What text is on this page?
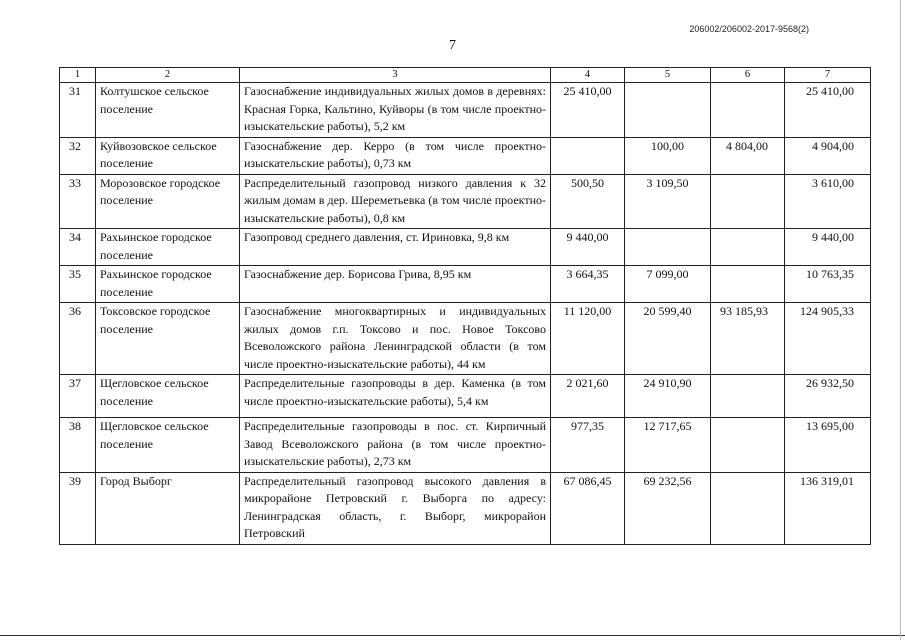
206002/206002-2017-9568(2)
7
1	2	3	4	5	6	7
31	Колтушское сельское поселение	Газоснабжение индивидуальных жилых домов в деревнях: Красная Горка, Кальтино, Куйворы (в том числе проектно-изыскательские работы), 5,2 км	25 410,00			25 410,00
32	Куйвозовское сельское поселение	Газоснабжение дер. Керро (в том числе проектно-изыскательские работы), 0,73 км		100,00	4 804,00	4 904,00
33	Морозовское городское поселение	Распределительный газопровод низкого давления к 32 жилым домам в дер. Шереметьевка (в том числе проектно-изыскательские работы), 0,8 км	500,50	3 109,50		3 610,00
34	Рахьинское городское поселение	Газопровод среднего давления, ст. Ириновка, 9,8 км	9 440,00			9 440,00
35	Рахьинское городское поселение	Газоснабжение дер. Борисова Грива, 8,95 км	3 664,35	7 099,00		10 763,35
36	Токсовское городское поселение	Газоснабжение многоквартирных и индивидуальных жилых домов г.п. Токсово и пос. Новое Токсово Всеволожского района Ленинградской области (в том числе проектно-изыскательские работы), 44 км	11 120,00	20 599,40	93 185,93	124 905,33
37	Щегловское сельское поселение	Распределительные газопроводы в дер. Каменка (в том числе проектно-изыскательские работы), 5,4 км	2 021,60	24 910,90		26 932,50
38	Щегловское сельское поселение	Распределительные газопроводы в пос. ст. Кирпичный Завод Всеволожского района (в том числе проектно-изыскательские работы), 2,73 км	977,35	12 717,65		13 695,00
39	Город Выборг	Распределительный газопровод высокого давления в микрорайоне Петровский г. Выборга по адресу: Ленинградская область, г. Выборг, микрорайон Петровский	67 086,45	69 232,56		136 319,01
